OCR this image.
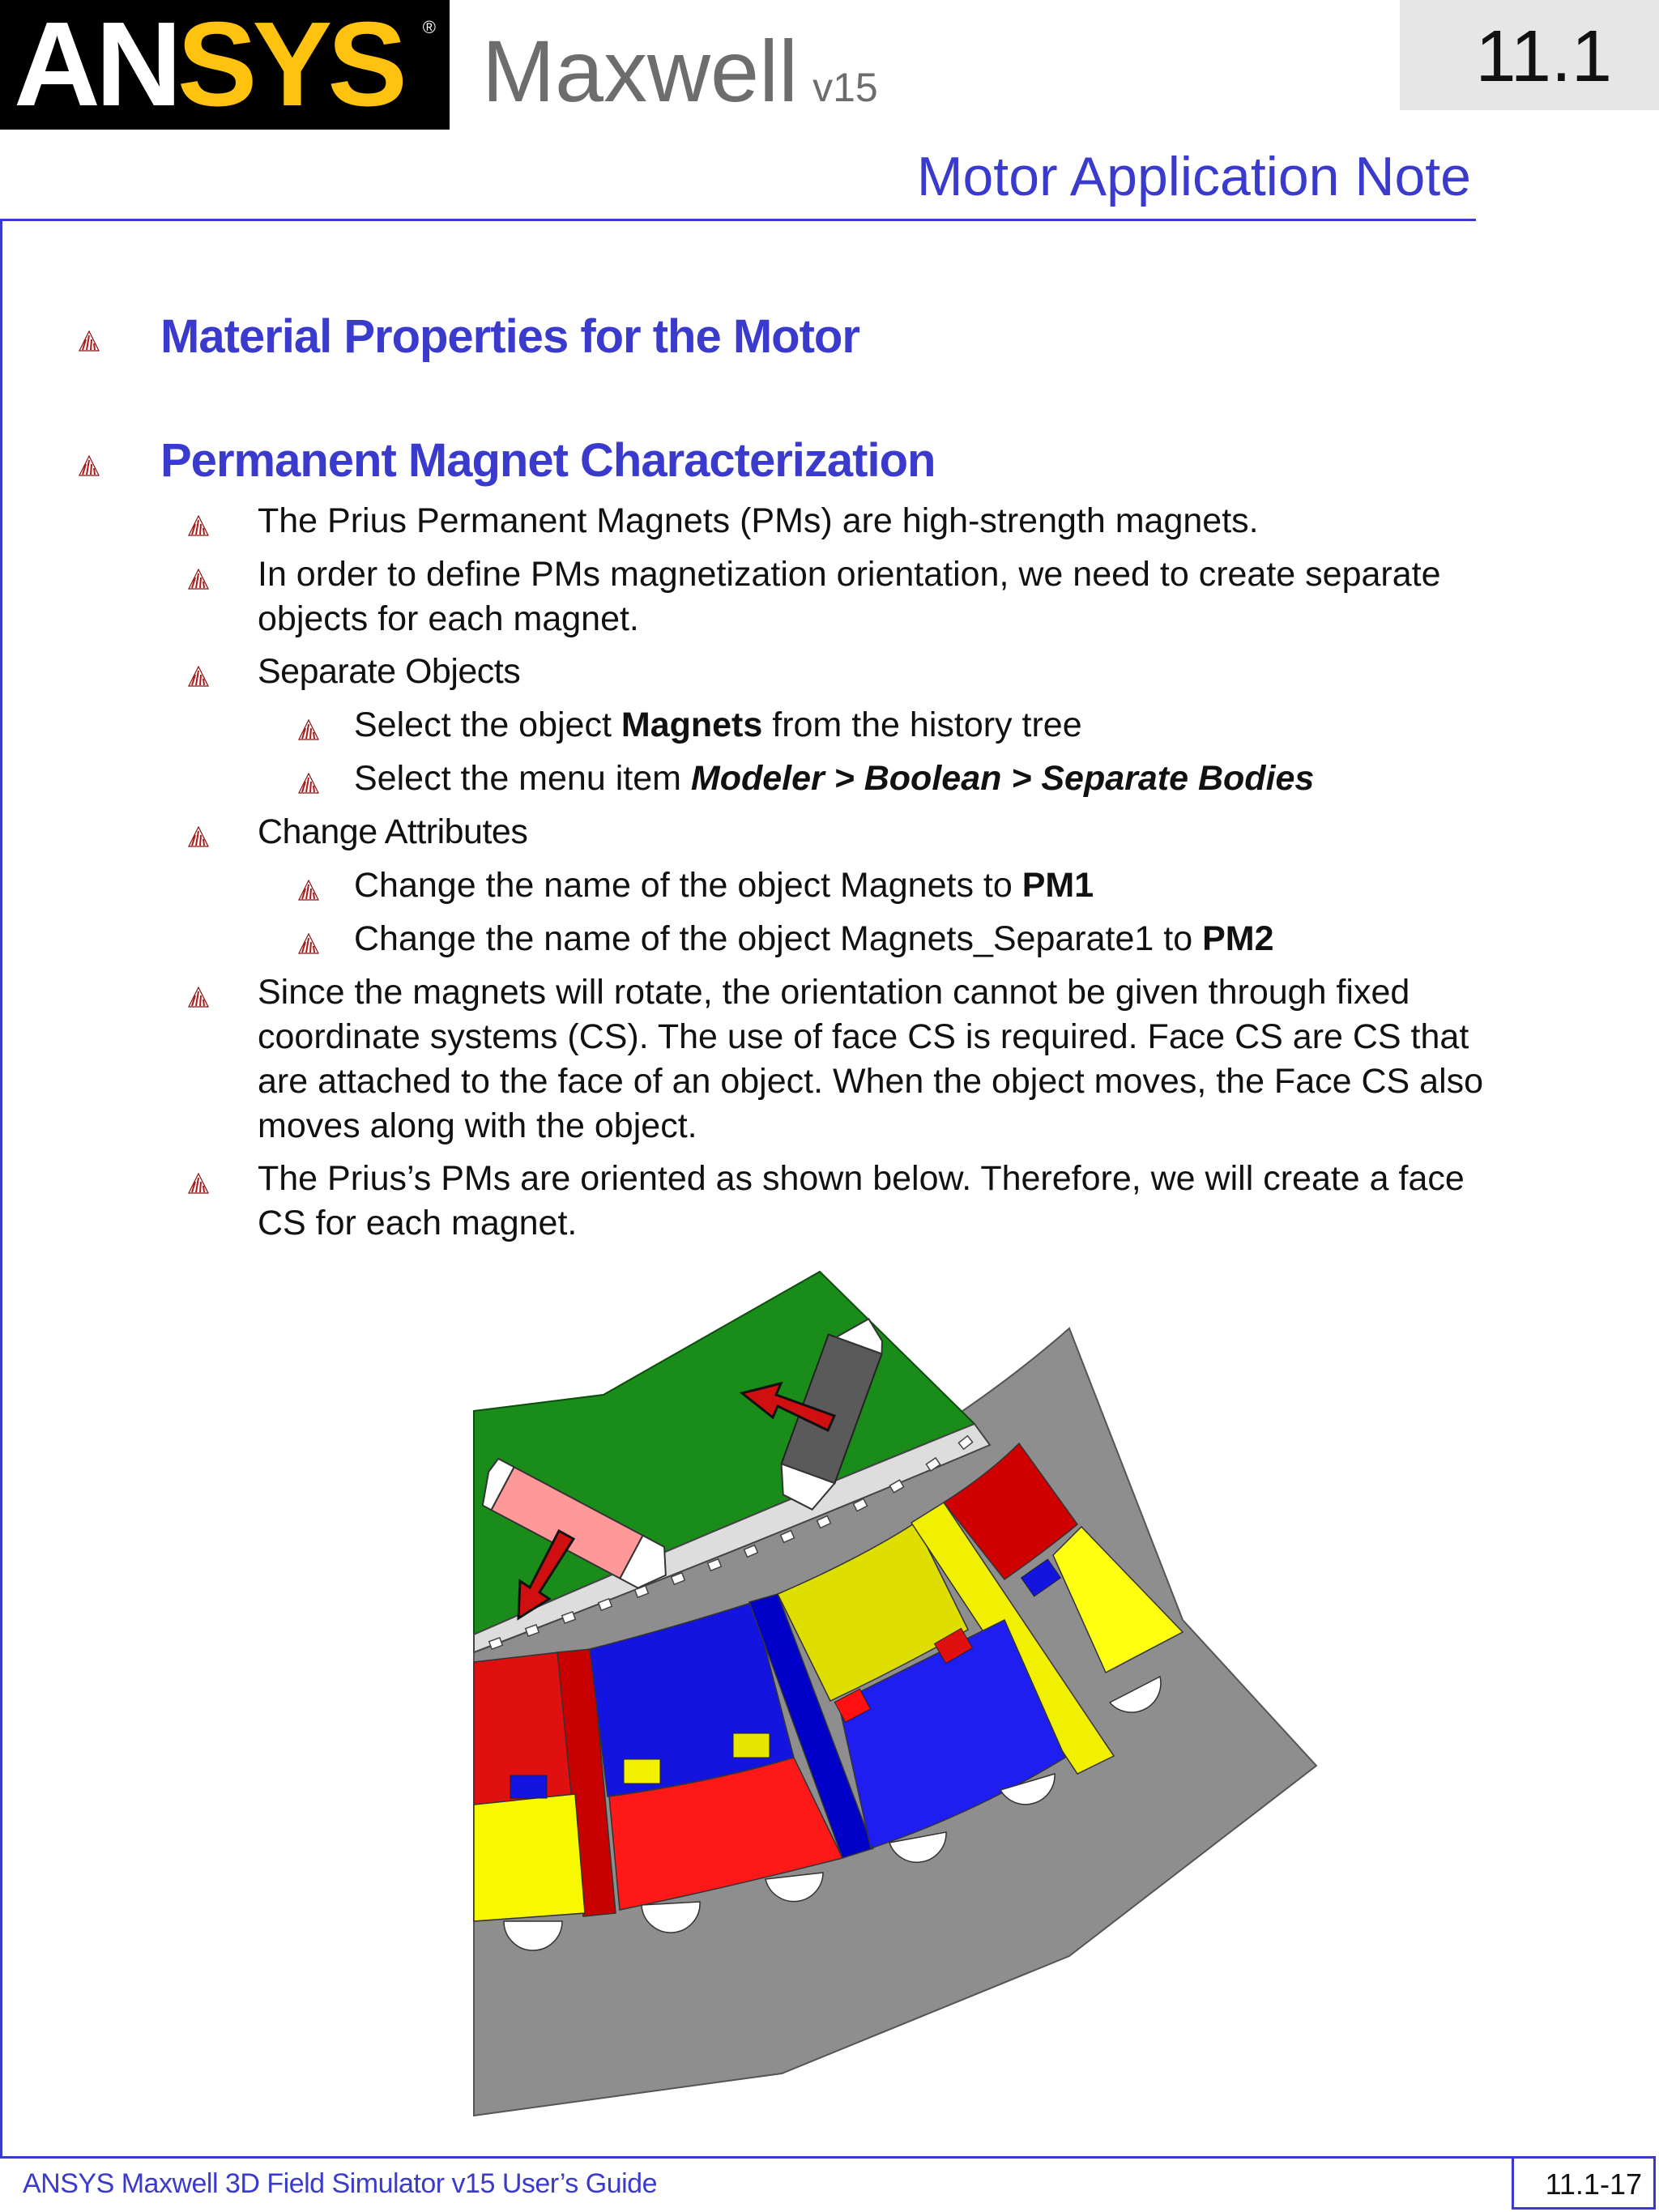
ANSYS ® Maxwell v15	11.1
Motor Application Note
Material Properties for the Motor
Permanent Magnet Characterization
The Prius Permanent Magnets (PMs) are high-strength magnets.
In order to define PMs magnetization orientation, we need to create separate
objects for each magnet.
Separate Objects
Select the object Magnets from the history tree
Select the menu item Modeler > Boolean > Separate Bodies
Change Attributes
Change the name of the object Magnets to PM1
Change the name of the object Magnets_Separate1 to PM2
Since the magnets will rotate, the orientation cannot be given through fixed
coordinate systems (CS). The use of face CS is required. Face CS are CS that
are attached to the face of an object. When the object moves, the Face CS also
moves along with the object.
The Prius’s PMs are oriented as shown below. Therefore, we will create a face
CS for each magnet.
ANSYS Maxwell 3D Field Simulator v15 User’s Guide	11.1-17
